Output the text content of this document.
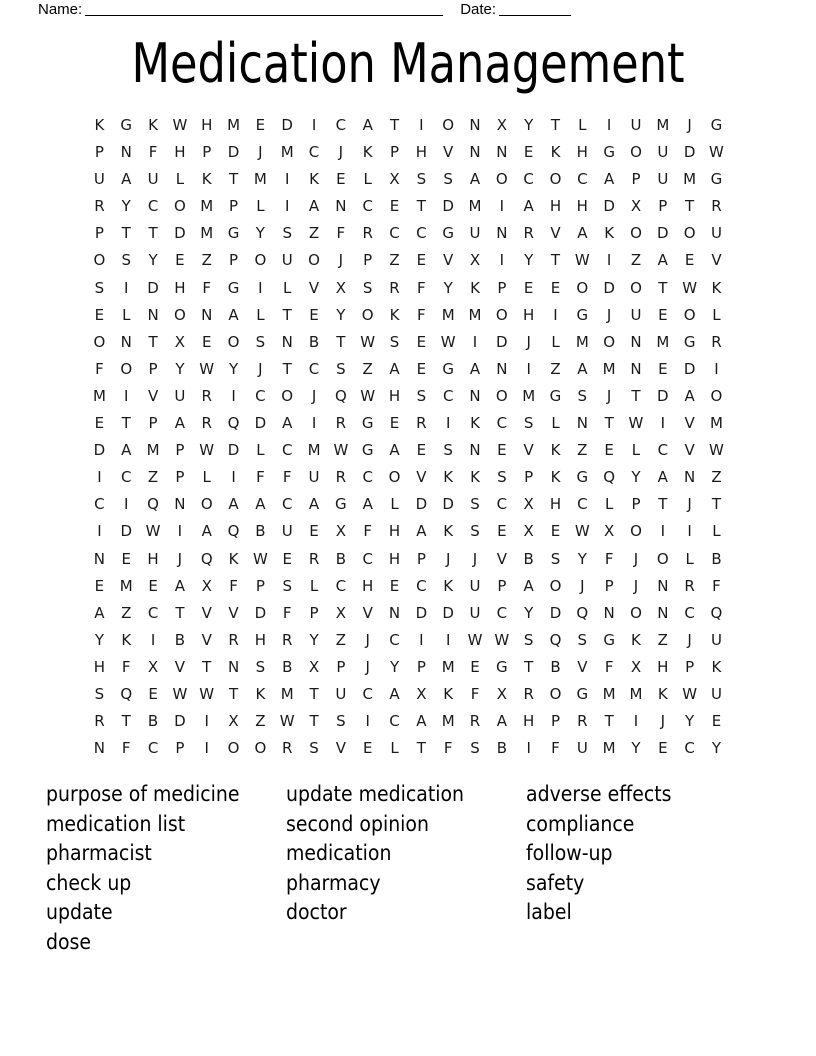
Name:	Date:
Medication Management
K	G	K W H M	E	D	I	C	A	T	I	O	N	X	Y	T	L	I	U M	J	G
P	N	F	H	P	D	J	M	C	J	K	P	H	V	N	N	E	K	H	G	O	U	D W
U	A	U	L	K	T	M	I	K	E	L	X	S	S	A	O	C	O	C	A	P	U M G
R	Y	C	O M	P	L	I	A	N	C	E	T	D M	I	A	H	H	D	X	P	T	R
P	T	T	D M G	Y	S	Z	F	R	C	C	G	U	N	R	V	A	K	O	D	O	U
O	S	Y	E	Z	P	O	U	O	J	P	Z	E	V	X	I	Y	T W	I	Z	A	E	V
S	I	D	H	F	G	I	L	V	X	S	R	F	Y	K	P	E	E	O	D	O	T W K
E	L	N	O	N	A	L	T	E	Y	O	K	F	M M O	H	I	G	J	U	E	O	L
O	N	T	X	E	O	S	N	B	T W S	E W	I	D	J	L	M O	N M G	R
F	O	P	Y W Y	J	T	C	S	Z	A	E	G	A	N	I	Z	A	M N	E	D	I
M	I	V	U	R	I	C	O	J	Q W H	S	C	N	O M G	S	J	T	D	A	O
E	T	P	A	R	Q	D	A	I	R	G	E	R	I	K	C	S	L	N	T W	I	V	M
D	A	M	P W D	L	C	M W G	A	E	S	N	E	V	K	Z	E	L	C	V W
I	C	Z	P	L	I	F	F	U	R	C	O	V	K	K	S	P	K	G	Q	Y	A	N	Z
C	I	Q	N	O	A	A	C	A	G	A	L	D	D	S	C	X	H	C	L	P	T	J	T
I	D W	I	A	Q	B	U	E	X	F	H	A	K	S	E	X	E W X	O	I	I	L
N	E	H	J	Q	K W E	R	B	C	H	P	J	J	V	B	S	Y	F	J	O	L	B
E	M	E	A	X	F	P	S	L	C	H	E	C	K	U	P	A	O	J	P	J	N	R	F
A	Z	C	T	V	V	D	F	P	X	V	N	D	D	U	C	Y	D	Q	N	O	N	C	Q
Y	K	I	B	V	R	H	R	Y	Z	J	C	I	I	W W S	Q	S	G	K	Z	J	U
H	F	X	V	T	N	S	B	X	P	J	Y	P	M	E	G	T	B	V	F	X	H	P	K
S	Q	E W W T	K	M	T	U	C	A	X	K	F	X	R	O	G M M	K W U
R	T	B	D	I	X	Z W T	S	I	C	A	M	R	A	H	P	R	T	I	J	Y	E
N	F	C	P	I	O	O	R	S	V	E	L	T	F	S	B	I	F	U M	Y	E	C	Y
purpose of medicine
medication list
pharmacist
check up
update
dose
update medication
second opinion
medication
pharmacy
doctor
adverse effects
compliance
follow-up
safety
label
